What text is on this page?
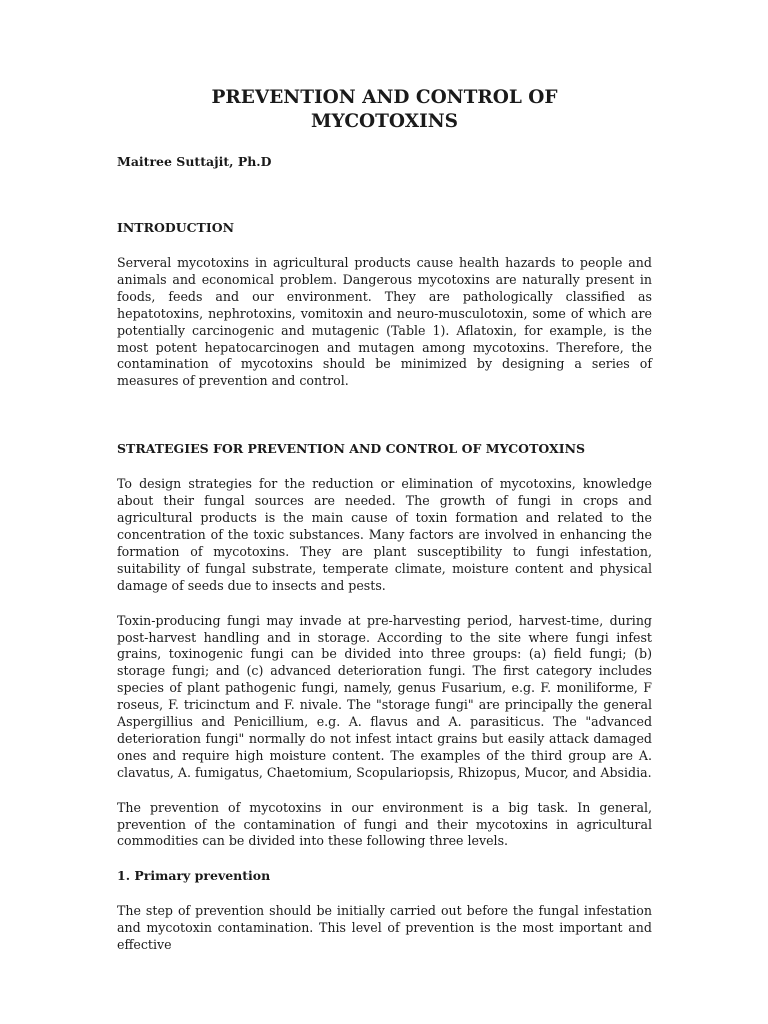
PREVENTION AND CONTROL OF
MYCOTOXINS
Maitree Suttajit, Ph.D
INTRODUCTION

Serveral mycotoxins in agricultural products cause health hazards to people and animals and economical problem. Dangerous mycotoxins are naturally present in foods, feeds and our environment. They are pathologically classified as hepatotoxins, nephrotoxins, vomitoxin and neuro-musculotoxin, some of which are potentially carcinogenic and mutagenic (Table 1). Aflatoxin, for example, is the most potent hepatocarcinogen and mutagen among mycotoxins. Therefore, the contamination of mycotoxins should be minimized by designing a series of measures of prevention and control.

STRATEGIES FOR PREVENTION AND CONTROL OF MYCOTOXINS

To design strategies for the reduction or elimination of mycotoxins, knowledge about their fungal sources are needed. The growth of fungi in crops and agricultural products is the main cause of toxin formation and related to the concentration of the toxic substances. Many factors are involved in enhancing the formation of mycotoxins. They are plant susceptibility to fungi infestation, suitability of fungal substrate, temperate climate, moisture content and physical damage of seeds due to insects and pests.

Toxin-producing fungi may invade at pre-harvesting period, harvest-time, during post-harvest handling and in storage. According to the site where fungi infest grains, toxinogenic fungi can be divided into three groups: (a) field fungi; (b) storage fungi; and (c) advanced deterioration fungi. The first category includes species of plant pathogenic fungi, namely, genus Fusarium, e.g. F. moniliforme, F roseus, F. tricinctum and F. nivale. The "storage fungi" are principally the general Aspergillius and Penicillium, e.g. A. flavus and A. parasiticus. The "advanced deterioration fungi" normally do not infest intact grains but easily attack damaged ones and require high moisture content. The examples of the third group are A. clavatus, A. fumigatus, Chaetomium, Scopulariopsis, Rhizopus, Mucor, and Absidia.

The prevention of mycotoxins in our environment is a big task. In general, prevention of the contamination of fungi and their mycotoxins in agricultural commodities can be divided into these following three levels.

1. Primary prevention

The step of prevention should be initially carried out before the fungal infestation and mycotoxin contamination. This level of prevention is the most important and effective
